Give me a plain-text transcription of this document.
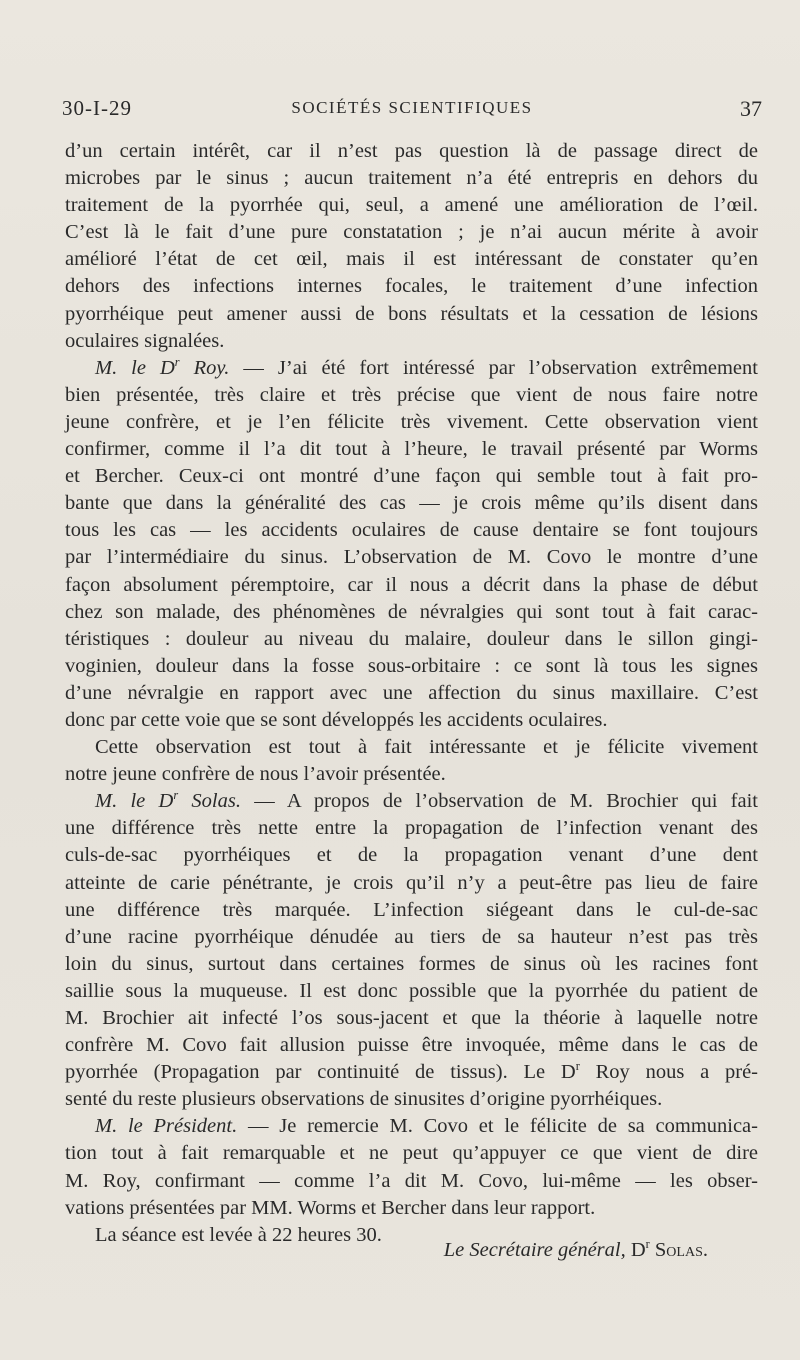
30-I-29	SOCIÉTÉS SCIENTIFIQUES	37
d’un certain intérêt, car il n’est pas question là de passage direct de
microbes par le sinus ; aucun traitement n’a été entrepris en dehors du
traitement de la pyorrhée qui, seul, a amené une amélioration de l’œil.
C’est là le fait d’une pure constatation ; je n’ai aucun mérite à avoir
amélioré l’état de cet œil, mais il est intéressant de constater qu’en
dehors des infections internes focales, le traitement d’une infection
pyorrhéique peut amener aussi de bons résultats et la cessation de lésions
oculaires signalées.
M. le $D^r$ Roy. — J’ai été fort intéressé par l’observation extrêmement
bien présentée, très claire et très précise que vient de nous faire notre
jeune confrère, et je l’en félicite très vivement. Cette observation vient
confirmer, comme il l’a dit tout à l’heure, le travail présenté par Worms
et Bercher. Ceux-ci ont montré d’une façon qui semble tout à fait pro-
bante que dans la généralité des cas — je crois même qu’ils disent dans
tous les cas — les accidents oculaires de cause dentaire se font toujours
par l’intermédiaire du sinus. L’observation de M. Covo le montre d’une
façon absolument péremptoire, car il nous a décrit dans la phase de début
chez son malade, des phénomènes de névralgies qui sont tout à fait carac-
téristiques : douleur au niveau du malaire, douleur dans le sillon gingi-
voginien, douleur dans la fosse sous-orbitaire : ce sont là tous les signes
d’une névralgie en rapport avec une affection du sinus maxillaire. C’est
donc par cette voie que se sont développés les accidents oculaires.
Cette observation est tout à fait intéressante et je félicite vivement
notre jeune confrère de nous l’avoir présentée.
M. le $D^r$ Solas. — A propos de l’observation de M. Brochier qui fait
une différence très nette entre la propagation de l’infection venant des
culs-de-sac pyorrhéiques et de la propagation venant d’une dent
atteinte de carie pénétrante, je crois qu’il n’y a peut-être pas lieu de faire
une différence très marquée. L’infection siégeant dans le cul-de-sac
d’une racine pyorrhéique dénudée au tiers de sa hauteur n’est pas très
loin du sinus, surtout dans certaines formes de sinus où les racines font
saillie sous la muqueuse. Il est donc possible que la pyorrhée du patient de
M. Brochier ait infecté l’os sous-jacent et que la théorie à laquelle notre
confrère M. Covo fait allusion puisse être invoquée, même dans le cas de
pyorrhée (Propagation par continuité de tissus). Le $D^r$ Roy nous a pré-
senté du reste plusieurs observations de sinusites d’origine pyorrhéiques.
M. le Président. — Je remercie M. Covo et le félicite de sa communica-
tion tout à fait remarquable et ne peut qu’appuyer ce que vient de dire
M. Roy, confirmant — comme l’a dit M. Covo, lui-même — les obser-
vations présentées par MM. Worms et Bercher dans leur rapport.
La séance est levée à 22 heures 30.
Le Secrétaire général, $D^r$ Solas.
